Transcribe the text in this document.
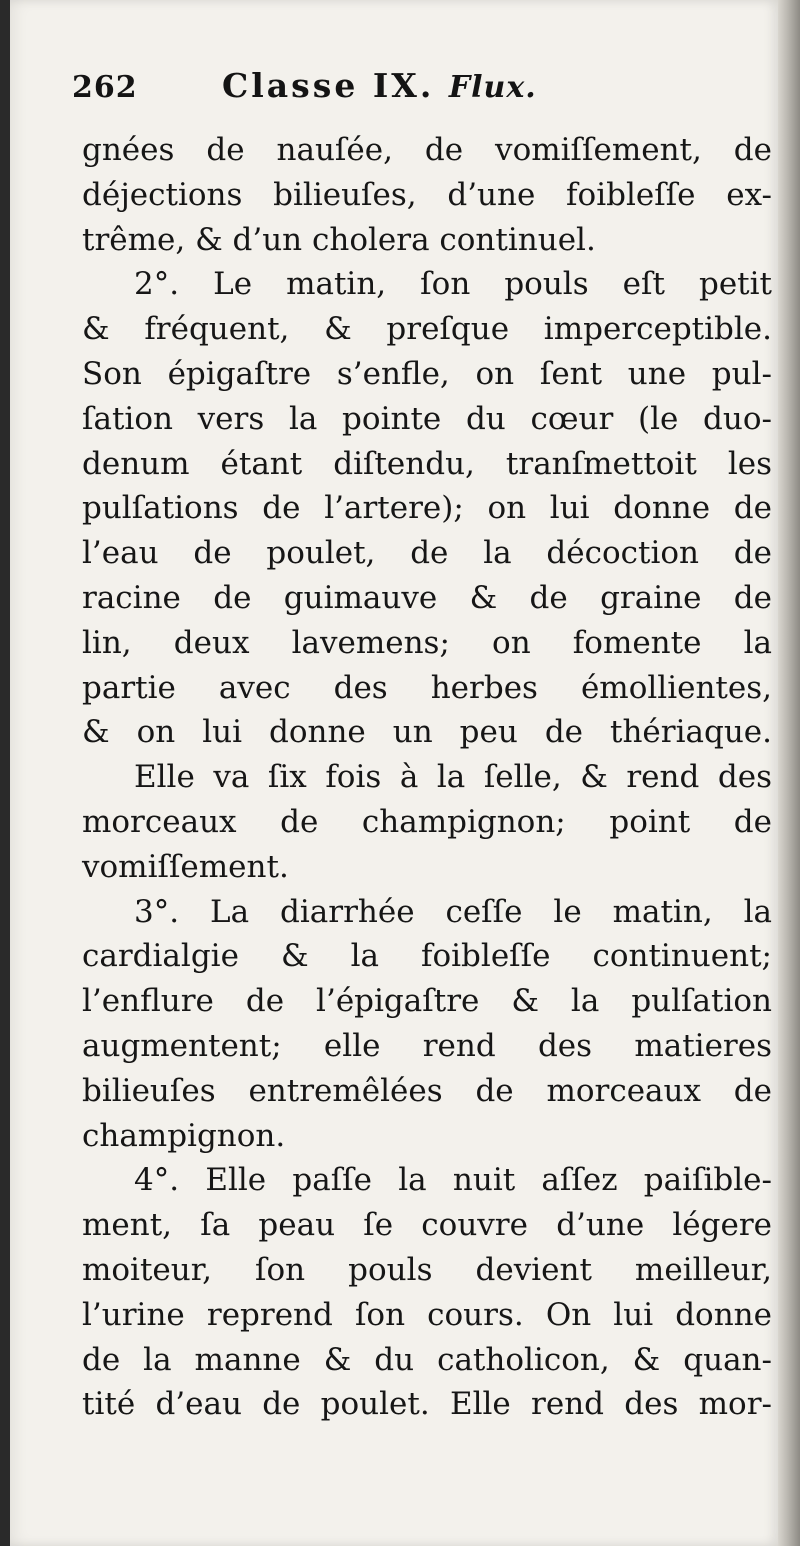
262	Classe IX. Flux.
gnées de nauſée, de vomiſſement, de
déjections bilieuſes, d’une foibleſſe ex-
trême, & d’un cholera continuel.
2°. Le matin, ſon pouls eſt petit
& fréquent, & preſque imperceptible.
Son épigaſtre s’enfle, on ſent une pul-
ſation vers la pointe du cœur (le duo-
denum étant diſtendu, tranſmettoit les
pulſations de l’artere); on lui donne de
l’eau de poulet, de la décoction de
racine de guimauve & de graine de
lin, deux lavemens; on fomente la
partie avec des herbes émollientes,
& on lui donne un peu de thériaque.
Elle va ſix fois à la ſelle, & rend des
morceaux de champignon; point de
vomiſſement.
3°. La diarrhée ceſſe le matin, la
cardialgie & la foibleſſe continuent;
l’enflure de l’épigaſtre & la pulſation
augmentent; elle rend des matieres
bilieuſes entremêlées de morceaux de
champignon.
4°. Elle paſſe la nuit aſſez paiſible-
ment, ſa peau ſe couvre d’une légere
moiteur, ſon pouls devient meilleur,
l’urine reprend ſon cours. On lui donne
de la manne & du catholicon, & quan-
tité d’eau de poulet. Elle rend des mor-
